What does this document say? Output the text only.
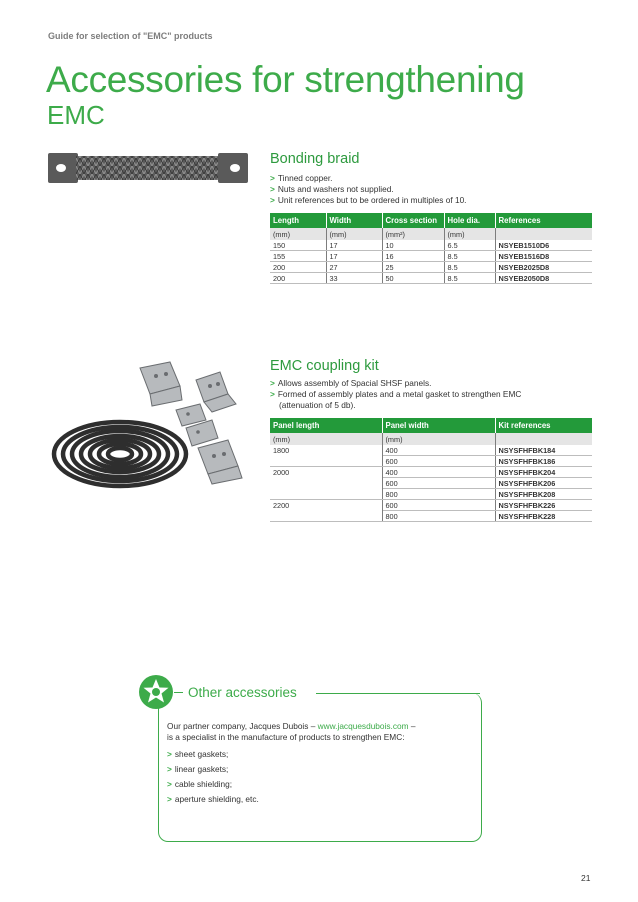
Guide for selection of "EMC" products
Accessories for strengthening
EMC
Bonding braid
> Tinned copper.
> Nuts and washers not supplied.
> Unit references but to be ordered in multiples of 10.
Length	Width	Cross section	Hole dia.	References
(mm)	(mm)	(mm²)	(mm)	
150	17	10	6.5	NSYEB1510D6
155	17	16	8.5	NSYEB1516D8
200	27	25	8.5	NSYEB2025D8
200	33	50	8.5	NSYEB2050D8
EMC coupling kit
> Allows assembly of Spacial SHSF panels.
> Formed of assembly plates and a metal gasket to strengthen EMC
(attenuation of 5 db).
Panel length	Panel width	Kit references
(mm)	(mm)	
1800	400	NSYSFHFBK184
	600	NSYSFHFBK186
2000	400	NSYSFHFBK204
	600	NSYSFHFBK206
	800	NSYSFHFBK208
2200	600	NSYSFHFBK226
	800	NSYSFHFBK228
Other accessories
Our partner company, Jacques Dubois – www.jacquesdubois.com –
is a specialist in the manufacture of products to strengthen EMC:
> sheet gaskets;
> linear gaskets;
> cable shielding;
> aperture shielding, etc.
21
